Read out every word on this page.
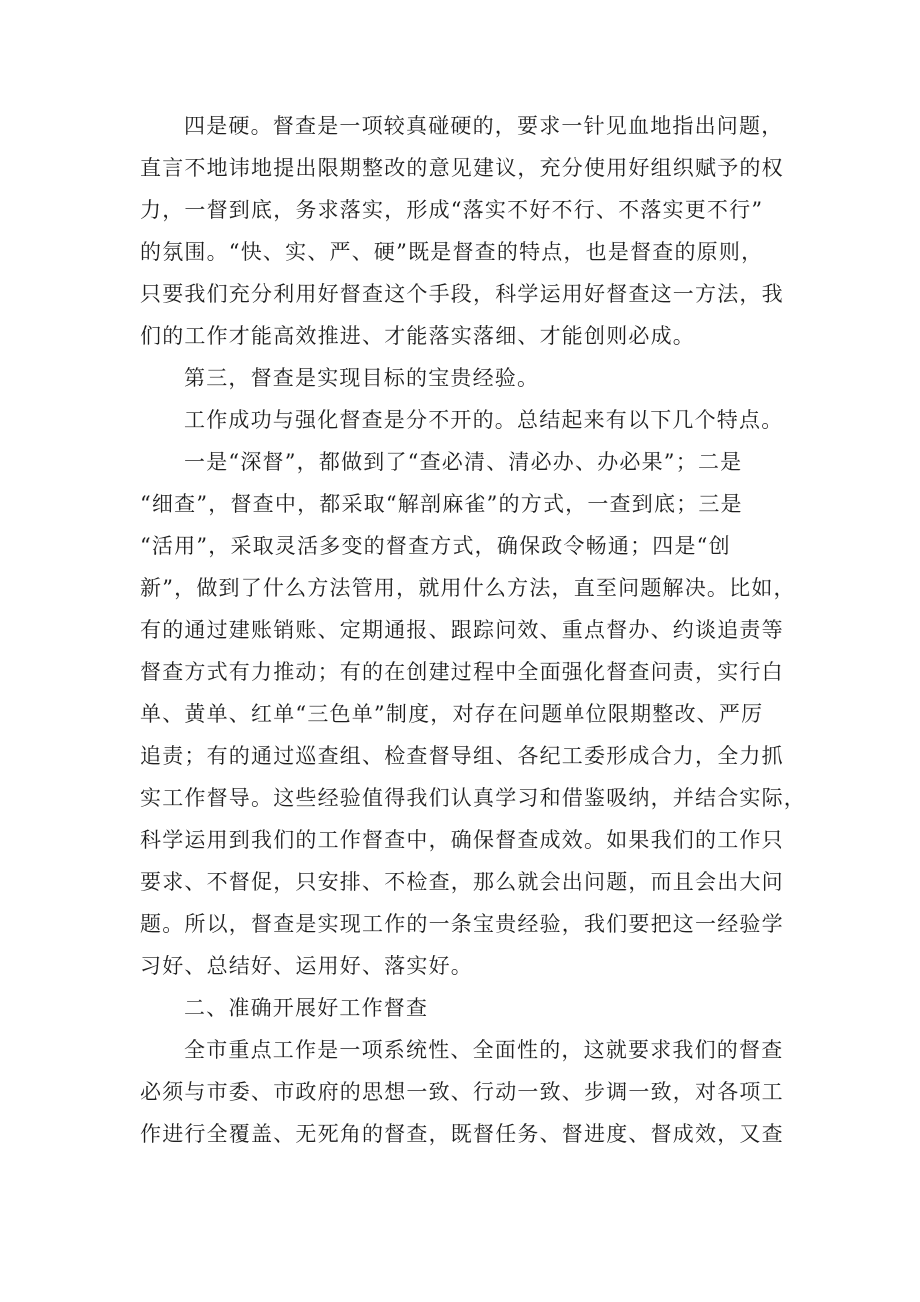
四是硬。督查是一项较真碰硬的，要求一针见血地指出问题，
直言不地讳地提出限期整改的意见建议，充分使用好组织赋予的权
力，一督到底，务求落实，形成“落实不好不行、不落实更不行”
的氛围。“快、实、严、硬”既是督查的特点，也是督查的原则，
只要我们充分利用好督查这个手段，科学运用好督查这一方法，我
们的工作才能高效推进、才能落实落细、才能创则必成。
第三，督查是实现目标的宝贵经验。
工作成功与强化督查是分不开的。总结起来有以下几个特点。
一是“深督”，都做到了“查必清、清必办、办必果”；二是
“细查”，督查中，都采取“解剖麻雀”的方式，一查到底；三是
“活用”，采取灵活多变的督查方式，确保政令畅通；四是“创
新”，做到了什么方法管用，就用什么方法，直至问题解决。比如，
有的通过建账销账、定期通报、跟踪问效、重点督办、约谈追责等
督查方式有力推动；有的在创建过程中全面强化督查问责，实行白
单、黄单、红单“三色单”制度，对存在问题单位限期整改、严厉
追责；有的通过巡查组、检查督导组、各纪工委形成合力，全力抓
实工作督导。这些经验值得我们认真学习和借鉴吸纳，并结合实际，
科学运用到我们的工作督查中，确保督查成效。如果我们的工作只
要求、不督促，只安排、不检查，那么就会出问题，而且会出大问
题。所以，督查是实现工作的一条宝贵经验，我们要把这一经验学
习好、总结好、运用好、落实好。
二、准确开展好工作督查
全市重点工作是一项系统性、全面性的，这就要求我们的督查
必须与市委、市政府的思想一致、行动一致、步调一致，对各项工
作进行全覆盖、无死角的督查，既督任务、督进度、督成效，又查
